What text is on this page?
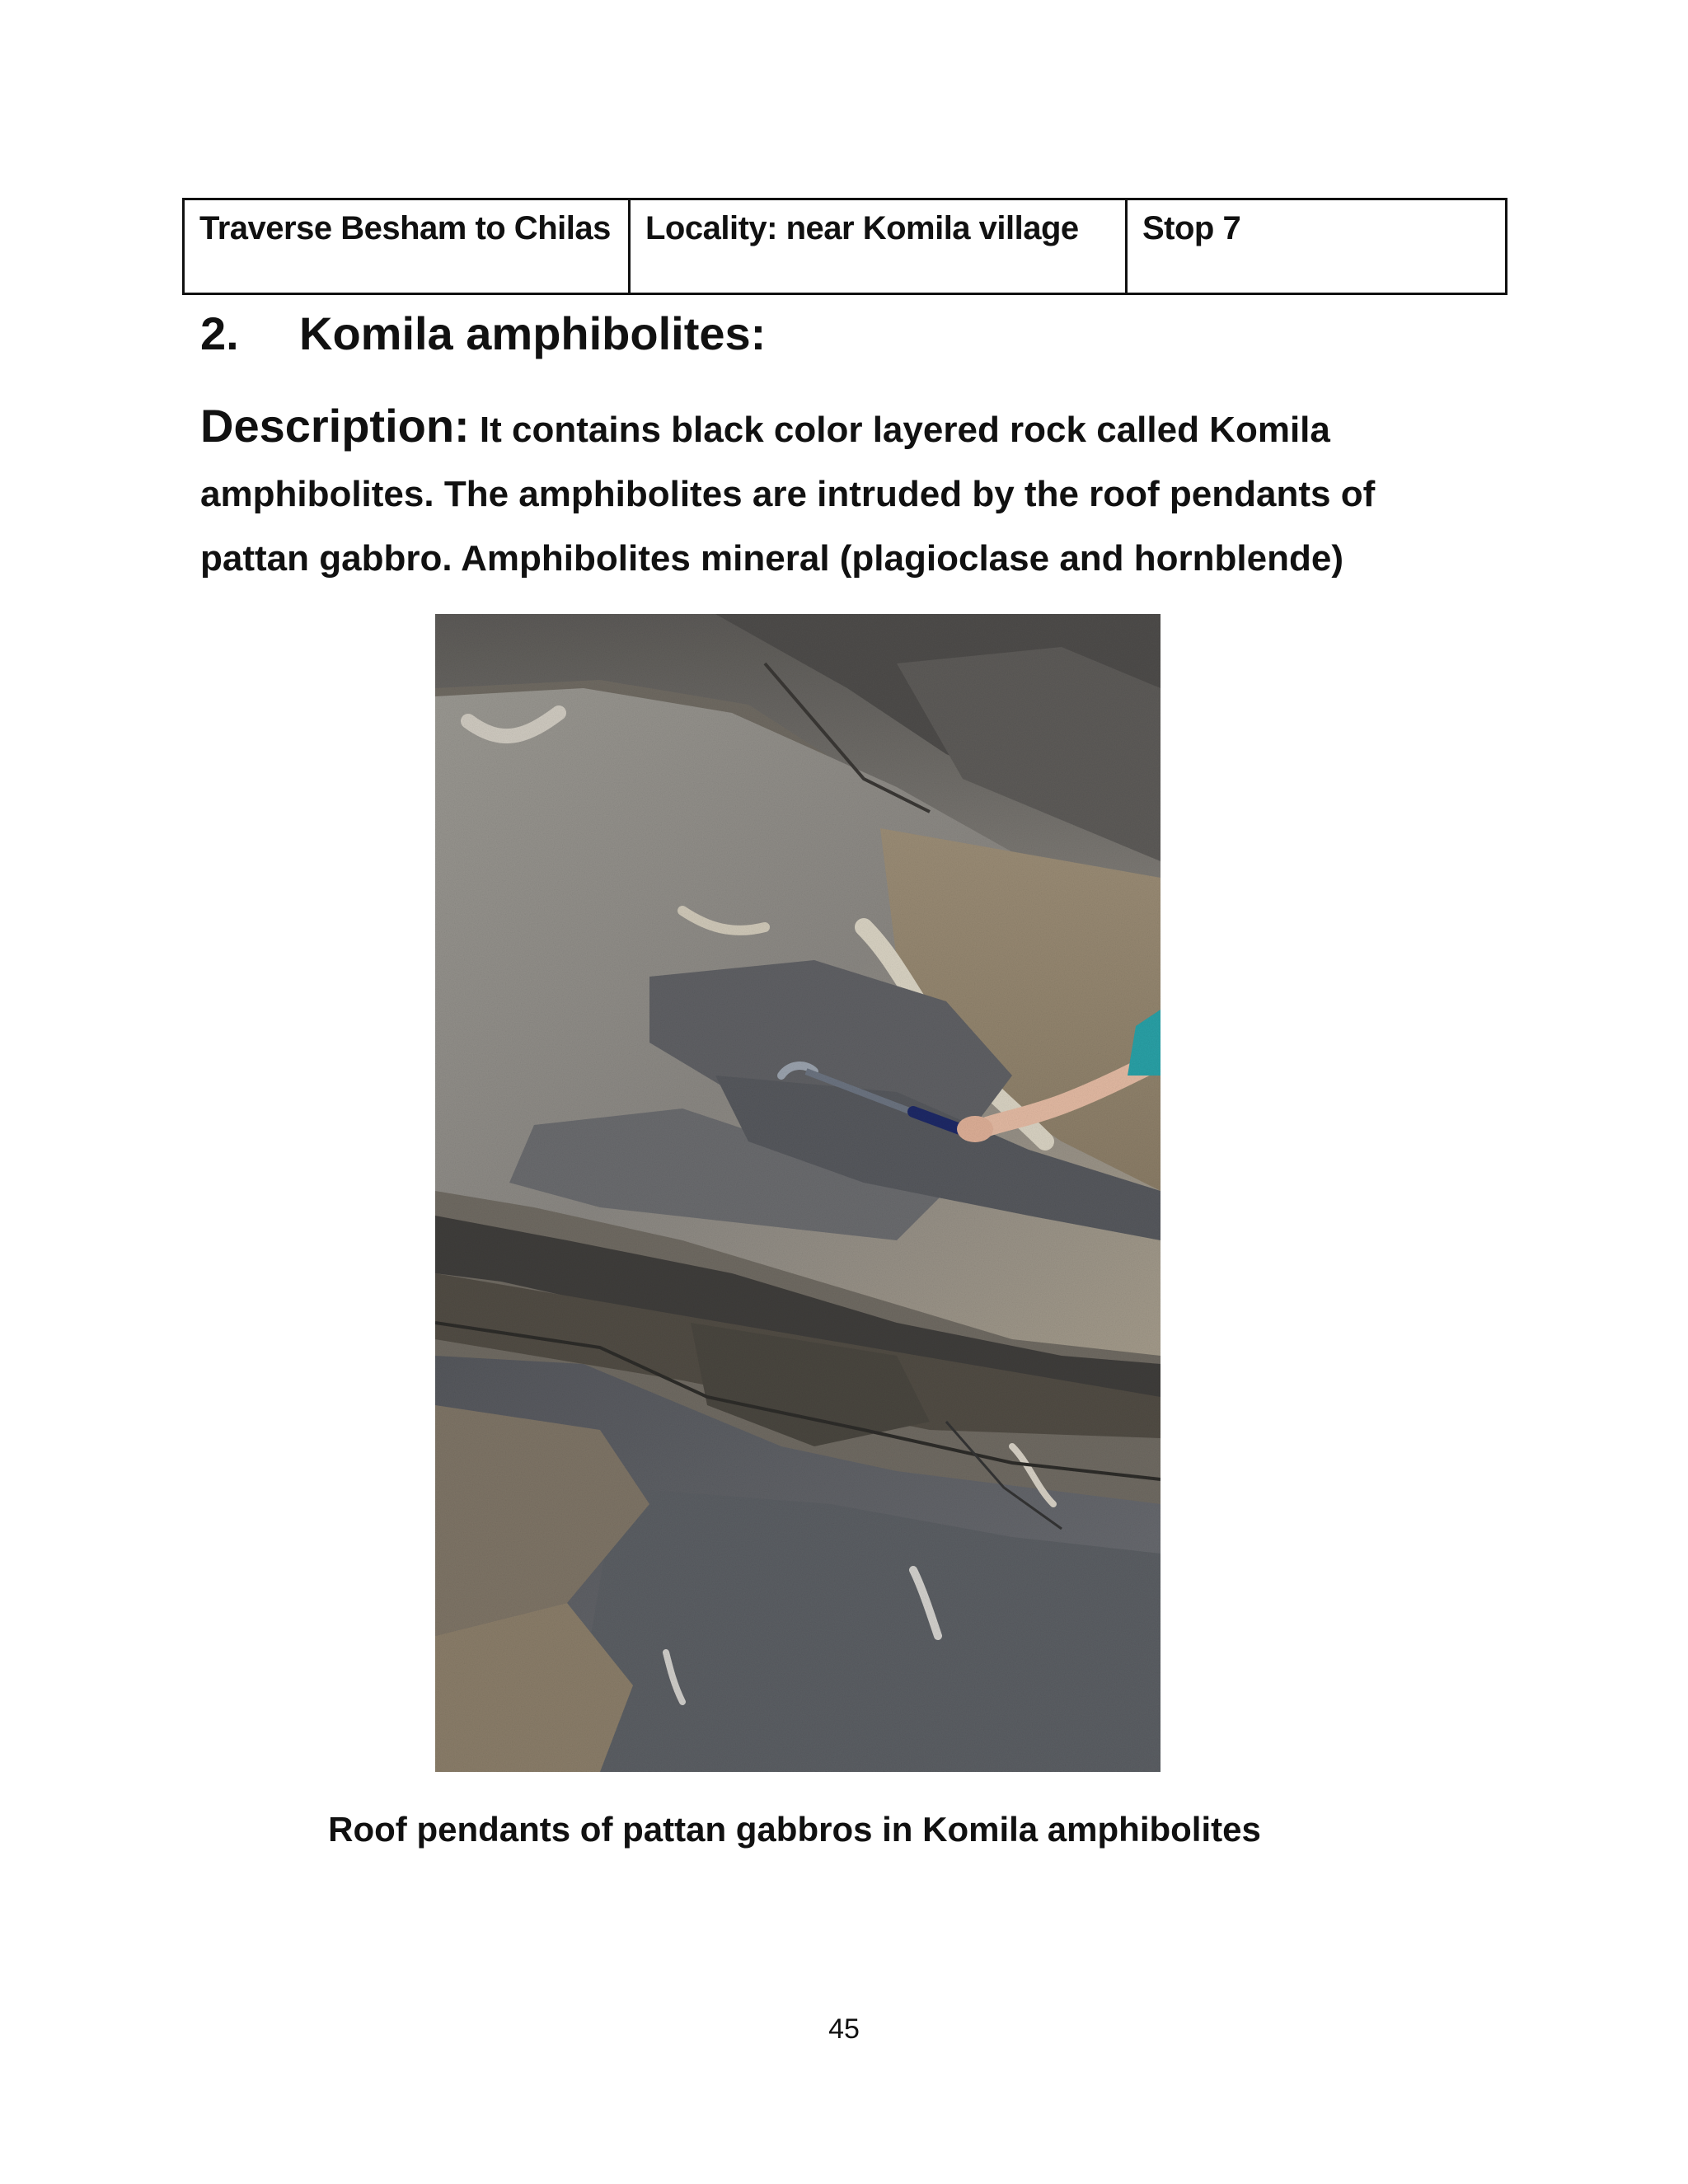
Traverse Besham to Chilas	Locality: near Komila village	Stop 7
2. Komila amphibolites:
Description: It contains black color layered rock called Komila amphibolites. The amphibolites are intruded by the roof pendants of pattan gabbro. Amphibolites mineral (plagioclase and hornblende)
Roof pendants of pattan gabbros in Komila amphibolites
45
